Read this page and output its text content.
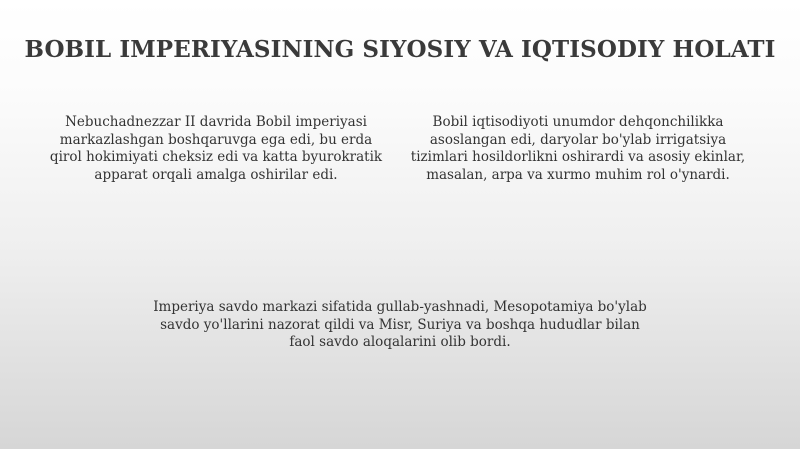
BOBIL IMPERIYASINING SIYOSIY VA IQTISODIY HOLATI

Nebuchadnezzar II davrida Bobil imperiyasi markazlashgan boshqaruvga ega edi, bu erda qirol hokimiyati cheksiz edi va katta byurokratik apparat orqali amalga oshirilar edi.

Bobil iqtisodiyoti unumdor dehqonchilikka asoslangan edi, daryolar bo'ylab irrigatsiya tizimlari hosildorlikni oshirardi va asosiy ekinlar, masalan, arpa va xurmo muhim rol o'ynardi.

Imperiya savdo markazi sifatida gullab-yashnadi, Mesopotamiya bo'ylab savdo yo'llarini nazorat qildi va Misr, Suriya va boshqa hududlar bilan faol savdo aloqalarini olib bordi.
